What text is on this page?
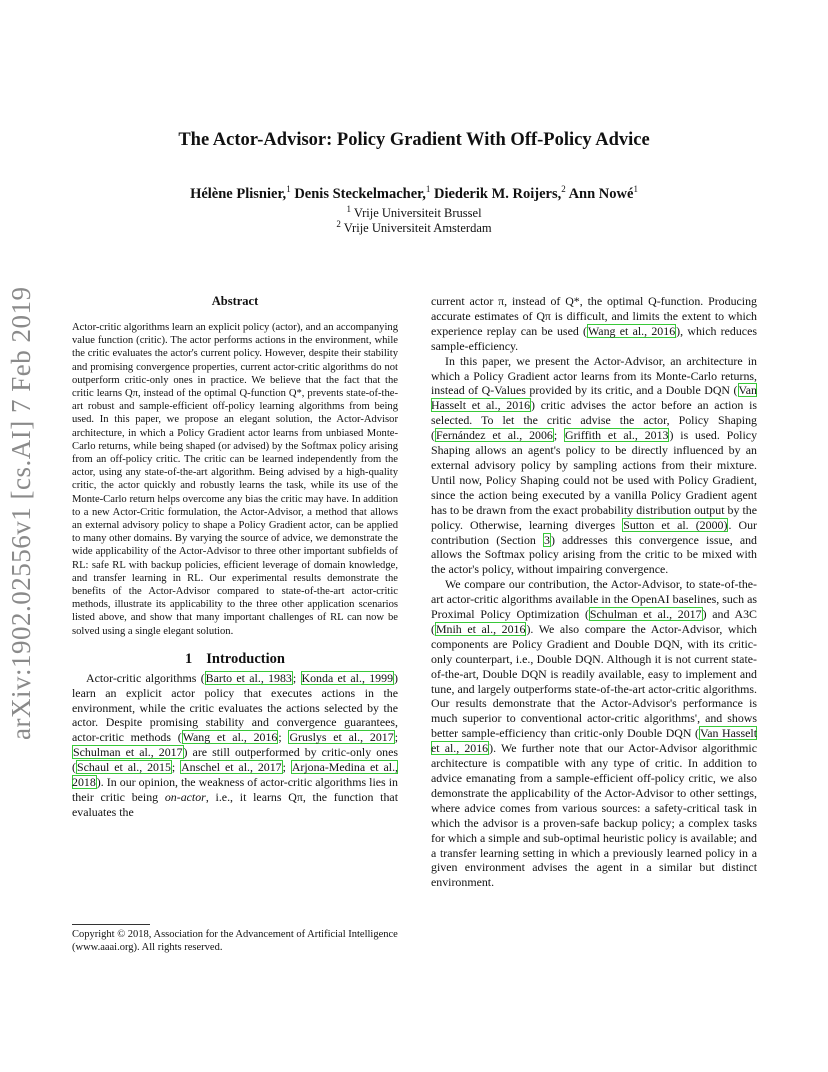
arXiv:1902.02556v1 [cs.AI] 7 Feb 2019
The Actor-Advisor: Policy Gradient With Off-Policy Advice
Hélène Plisnier,$^1$ Denis Steckelmacher,$^1$ Diederik M. Roijers,$^2$ Ann Nowé$^1$
$^1$ Vrije Universiteit Brussel
$^2$ Vrije Universiteit Amsterdam
Abstract

Actor-critic algorithms learn an explicit policy (actor), and an accompanying value function (critic). The actor performs actions in the environment, while the critic evaluates the actor's current policy. However, despite their stability and promising convergence properties, current actor-critic algorithms do not outperform critic-only ones in practice. We believe that the fact that the critic learns Qπ, instead of the optimal Q-function Q*, prevents state-of-the-art robust and sample-efficient off-policy learning algorithms from being used. In this paper, we propose an elegant solution, the Actor-Advisor architecture, in which a Policy Gradient actor learns from unbiased Monte-Carlo returns, while being shaped (or advised) by the Softmax policy arising from an off-policy critic. The critic can be learned independently from the actor, using any state-of-the-art algorithm. Being advised by a high-quality critic, the actor quickly and robustly learns the task, while its use of the Monte-Carlo return helps overcome any bias the critic may have. In addition to a new Actor-Critic formulation, the Actor-Advisor, a method that allows an external advisory policy to shape a Policy Gradient actor, can be applied to many other domains. By varying the source of advice, we demonstrate the wide applicability of the Actor-Advisor to three other important subfields of RL: safe RL with backup policies, efficient leverage of domain knowledge, and transfer learning in RL. Our experimental results demonstrate the benefits of the Actor-Advisor compared to state-of-the-art actor-critic methods, illustrate its applicability to the three other application scenarios listed above, and show that many important challenges of RL can now be solved using a single elegant solution.

1 Introduction

Actor-critic algorithms (Barto et al., 1983; Konda et al., 1999) learn an explicit actor policy that executes actions in the environment, while the critic evaluates the actions selected by the actor. Despite promising stability and convergence guarantees, actor-critic methods (Wang et al., 2016; Gruslys et al., 2017; Schulman et al., 2017) are still outperformed by critic-only ones (Schaul et al., 2015; Anschel et al., 2017; Arjona-Medina et al., 2018). In our opinion, the weakness of actor-critic algorithms lies in their critic being on-actor, i.e., it learns Qπ, the function that evaluates the

current actor π, instead of Q*, the optimal Q-function. Producing accurate estimates of Qπ is difficult, and limits the extent to which experience replay can be used (Wang et al., 2016), which reduces sample-efficiency.

In this paper, we present the Actor-Advisor, an architecture in which a Policy Gradient actor learns from its Monte-Carlo returns, instead of Q-Values provided by its critic, and a Double DQN (Van Hasselt et al., 2016) critic advises the actor before an action is selected. To let the critic advise the actor, Policy Shaping (Fernández et al., 2006; Griffith et al., 2013) is used. Policy Shaping allows an agent's policy to be directly influenced by an external advisory policy by sampling actions from their mixture. Until now, Policy Shaping could not be used with Policy Gradient, since the action being executed by a vanilla Policy Gradient agent has to be drawn from the exact probability distribution output by the policy. Otherwise, learning diverges Sutton et al. (2000). Our contribution (Section 3) addresses this convergence issue, and allows the Softmax policy arising from the critic to be mixed with the actor's policy, without impairing convergence.

We compare our contribution, the Actor-Advisor, to state-of-the-art actor-critic algorithms available in the OpenAI baselines, such as Proximal Policy Optimization (Schulman et al., 2017) and A3C (Mnih et al., 2016). We also compare the Actor-Advisor, which components are Policy Gradient and Double DQN, with its critic-only counterpart, i.e., Double DQN. Although it is not current state-of-the-art, Double DQN is readily available, easy to implement and tune, and largely outperforms state-of-the-art actor-critic algorithms. Our results demonstrate that the Actor-Advisor's performance is much superior to conventional actor-critic algorithms', and shows better sample-efficiency than critic-only Double DQN (Van Hasselt et al., 2016). We further note that our Actor-Advisor algorithmic architecture is compatible with any type of critic. In addition to advice emanating from a sample-efficient off-policy critic, we also demonstrate the applicability of the Actor-Advisor to other settings, where advice comes from various sources: a safety-critical task in which the advisor is a proven-safe backup policy; a complex tasks for which a simple and sub-optimal heuristic policy is available; and a transfer learning setting in which a previously learned policy in a given environment advises the agent in a similar but distinct environment.

Copyright © 2018, Association for the Advancement of Artificial Intelligence (www.aaai.org). All rights reserved.
